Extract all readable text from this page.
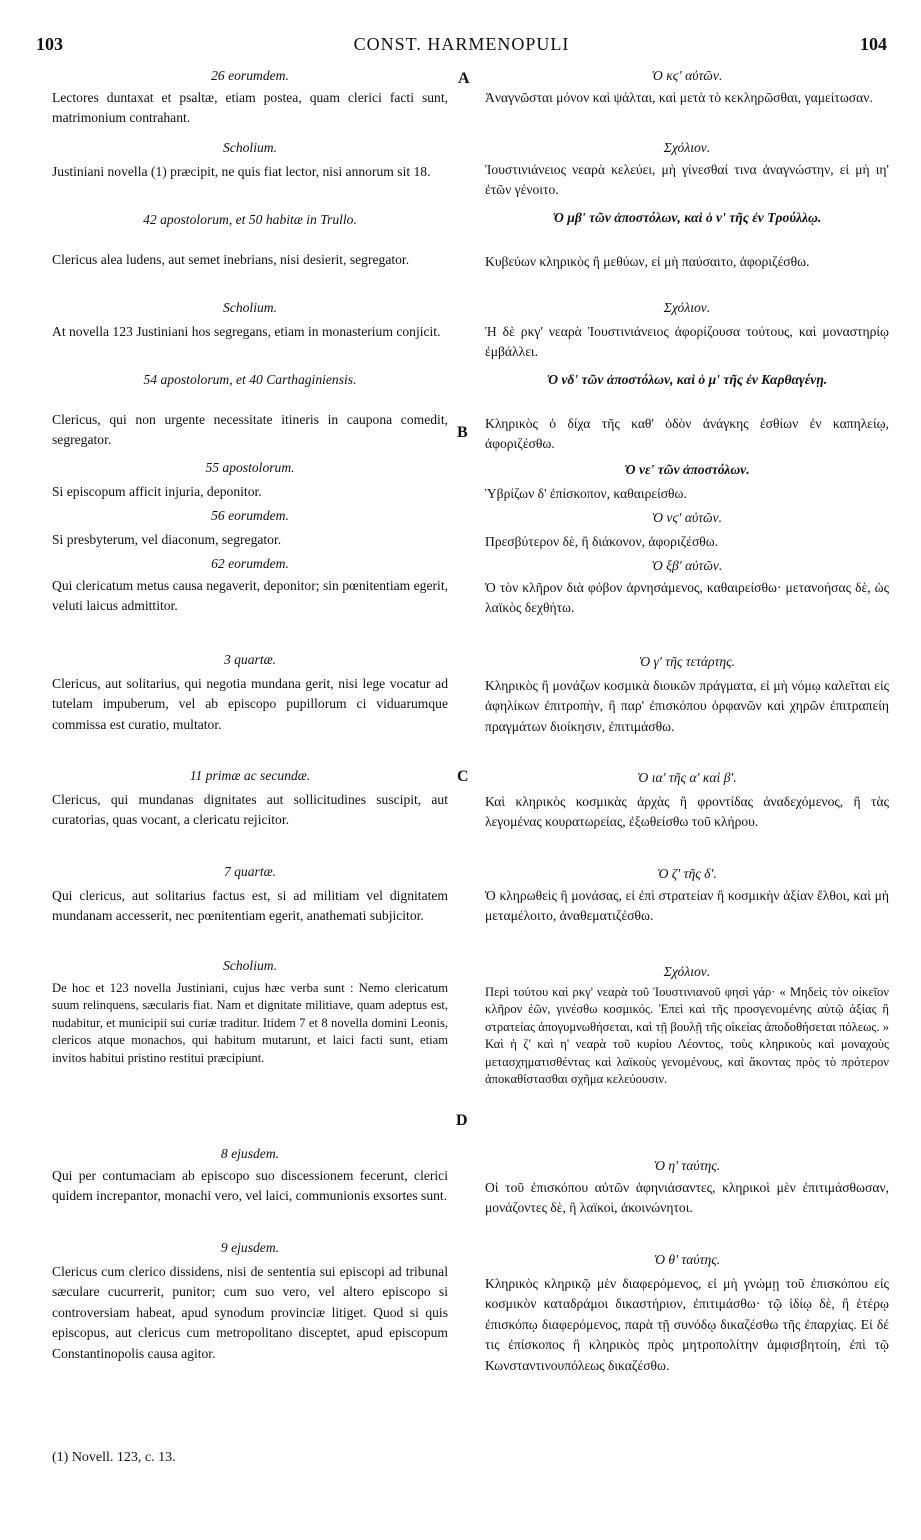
103	CONST. HARMENOPULI	104
A
B
C
D
26 eorumdem.
Lectores duntaxat et psaltæ, etiam postea, quam clerici facti sunt, matrimonium contrahant.
Scholium.
Justiniani novella (1) præcipit, ne quis fiat lector, nisi annorum sit 18.
42 apostolorum, et 50 habitæ in Trullo.
Clericus alea ludens, aut semet inebrians, nisi desierit, segregator.
Scholium.
At novella 123 Justiniani hos segregans, etiam in monasterium conjicit.
54 apostolorum, et 40 Carthaginiensis.
Clericus, qui non urgente necessitate itineris in caupona comedit, segregator.
55 apostolorum.
Si episcopum afficit injuria, deponitor.
56 eorumdem.
Si presbyterum, vel diaconum, segregator.
62 eorumdem.
Qui clericatum metus causa negaverit, deponitor; sin pœnitentiam egerit, veluti laicus admittitor.
3 quartæ.
Clericus, aut solitarius, qui negotia mundana gerit, nisi lege vocatur ad tutelam impuberum, vel ab episcopo pupillorum ci viduarumque commissa est curatio, multator.
11 primæ ac secundæ.
Clericus, qui mundanas dignitates aut sollicitudines suscipit, aut curatorias, quas vocant, a clericatu rejicitor.
7 quartæ.
Qui clericus, aut solitarius factus est, si ad militiam vel dignitatem mundanam accesserit, nec pœnitentiam egerit, anathemati subjicitor.
Scholium.
De hoc et 123 novella Justiniani, cujus hæc verba sunt : Nemo clericatum suum relinquens, sæcularis fiat. Nam et dignitate militiave, quam adeptus est, nudabitur, et municipii sui curiæ traditur. Itidem 7 et 8 novella domini Leonis, clericos atque monachos, qui habitum mutarunt, et laici facti sunt, etiam invitos habitui pristino restitui præcipiunt.
8 ejusdem.
Qui per contumaciam ab episcopo suo discessionem fecerunt, clerici quidem increpantor, monachi vero, vel laici, communionis exsortes sunt.
9 ejusdem.
Clericus cum clerico dissidens, nisi de sententia sui episcopi ad tribunal sæculare cucurrerit, punitor; cum suo vero, vel altero episcopo si controversiam habeat, apud synodum provinciæ litiget. Quod si quis episcopus, aut clericus cum metropolitano disceptet, apud episcopum Constantinopolis causa agitor.
(1) Novell. 123, c. 13.
Ὁ κϛ' αὐτῶν.
Ἀναγνῶσται μόνον καὶ ψάλται, καὶ μετὰ τὸ κεκληρῶσθαι, γαμείτωσαν.
Σχόλιον.
Ἰουστινιάνειος νεαρὰ κελεύει, μὴ γίνεσθαί τινα ἀναγνώστην, εἰ μὴ ιη' ἐτῶν γένοιτο.
Ὁ μβ' τῶν ἀποστόλων, καὶ ὁ ν' τῆς ἐν Τρούλλῳ.
Κυβεύων κληρικὸς ἢ μεθύων, εἰ μὴ παύσαιτο, ἀφοριζέσθω.
Σχόλιον.
Ἡ δὲ ρκγ' νεαρὰ Ἰουστινιάνειος ἀφορίζουσα τούτους, καὶ μοναστηρίῳ ἐμβάλλει.
Ὁ νδ' τῶν ἀποστόλων, καὶ ὁ μ' τῆς ἐν Καρθαγένῃ.
Κληρικὸς ὁ δίχα τῆς καθ' ὁδὸν ἀνάγκης ἐσθίων ἐν καπηλείῳ, ἀφοριζέσθω.
Ὁ νε' τῶν ἀποστόλων.
Ὑβρίζων δ' ἐπίσκοπον, καθαιρείσθω.
Ὁ νϛ' αὐτῶν.
Πρεσβύτερον δὲ, ἢ διάκονον, ἀφοριζέσθω.
Ὁ ξβ' αὐτῶν.
Ὁ τὸν κλῆρον διὰ φόβον ἀρνησάμενος, καθαιρείσθω· μετανοήσας δὲ, ὡς λαϊκὸς δεχθήτω.
Ὁ γ' τῆς τετάρτης.
Κληρικὸς ἢ μονάζων κοσμικὰ διοικῶν πράγματα, εἰ μὴ νόμῳ καλεῖται εἰς ἀφηλίκων ἐπιτροπὴν, ἢ παρ' ἐπισκόπου ὀρφανῶν καὶ χηρῶν ἐπιτραπείη πραγμάτων διοίκησιν, ἐπιτιμάσθω.
Ὁ ια' τῆς α' καὶ β'.
Καὶ κληρικὸς κοσμικὰς ἀρχὰς ἢ φροντίδας ἀναδεχόμενος, ἢ τὰς λεγομένας κουρατωρείας, ἐξωθείσθω τοῦ κλήρου.
Ὁ ζ' τῆς δ'.
Ὁ κληρωθεὶς ἢ μονάσας, εἰ ἐπὶ στρατείαν ἢ κοσμικὴν ἀξίαν ἔλθοι, καὶ μὴ μεταμέλοιτο, ἀναθεματιζέσθω.
Σχόλιον.
Περὶ τούτου καὶ ρκγ' νεαρὰ τοῦ Ἰουστινιανοῦ φησὶ γάρ· « Μηδεὶς τὸν οἰκεῖον κλῆρον ἐῶν, γινέσθω κοσμικός. Ἐπεὶ καὶ τῆς προσγενομένης αὐτῷ ἀξίας ἢ στρατείας ἀπογυμνωθήσεται, καὶ τῇ βουλῇ τῆς οἰκείας ἀποδοθήσεται πόλεως. » Καὶ ἡ ζ' καὶ η' νεαρὰ τοῦ κυρίου Λέοντος, τοὺς κληρικοὺς καὶ μοναχοὺς μετασχηματισθέντας καὶ λαϊκοὺς γενομένους, καὶ ἄκοντας πρὸς τὸ πρότερον ἀποκαθίστασθαι σχῆμα κελεύουσιν.
Ὁ η' ταύτης.
Οἱ τοῦ ἐπισκόπου αὐτῶν ἀφηνιάσαντες, κληρικοὶ μὲν ἐπιτιμάσθωσαν, μονάζοντες δὲ, ἢ λαϊκοὶ, ἀκοινώνητοι.
Ὁ θ' ταύτης.
Κληρικὸς κληρικῷ μὲν διαφερόμενος, εἰ μὴ γνώμῃ τοῦ ἐπισκόπου εἰς κοσμικὸν καταδράμοι δικαστήριον, ἐπιτιμάσθω· τῷ ἰδίῳ δὲ, ἢ ἑτέρῳ ἐπισκόπῳ διαφερόμενος, παρὰ τῇ συνόδῳ δικαζέσθω τῆς ἐπαρχίας. Εἰ δέ τις ἐπίσκοπος ἢ κληρικὸς πρὸς μητροπολίτην ἀμφισβητοίη, ἐπὶ τῷ Κωνσταντινουπόλεως δικαζέσθω.
